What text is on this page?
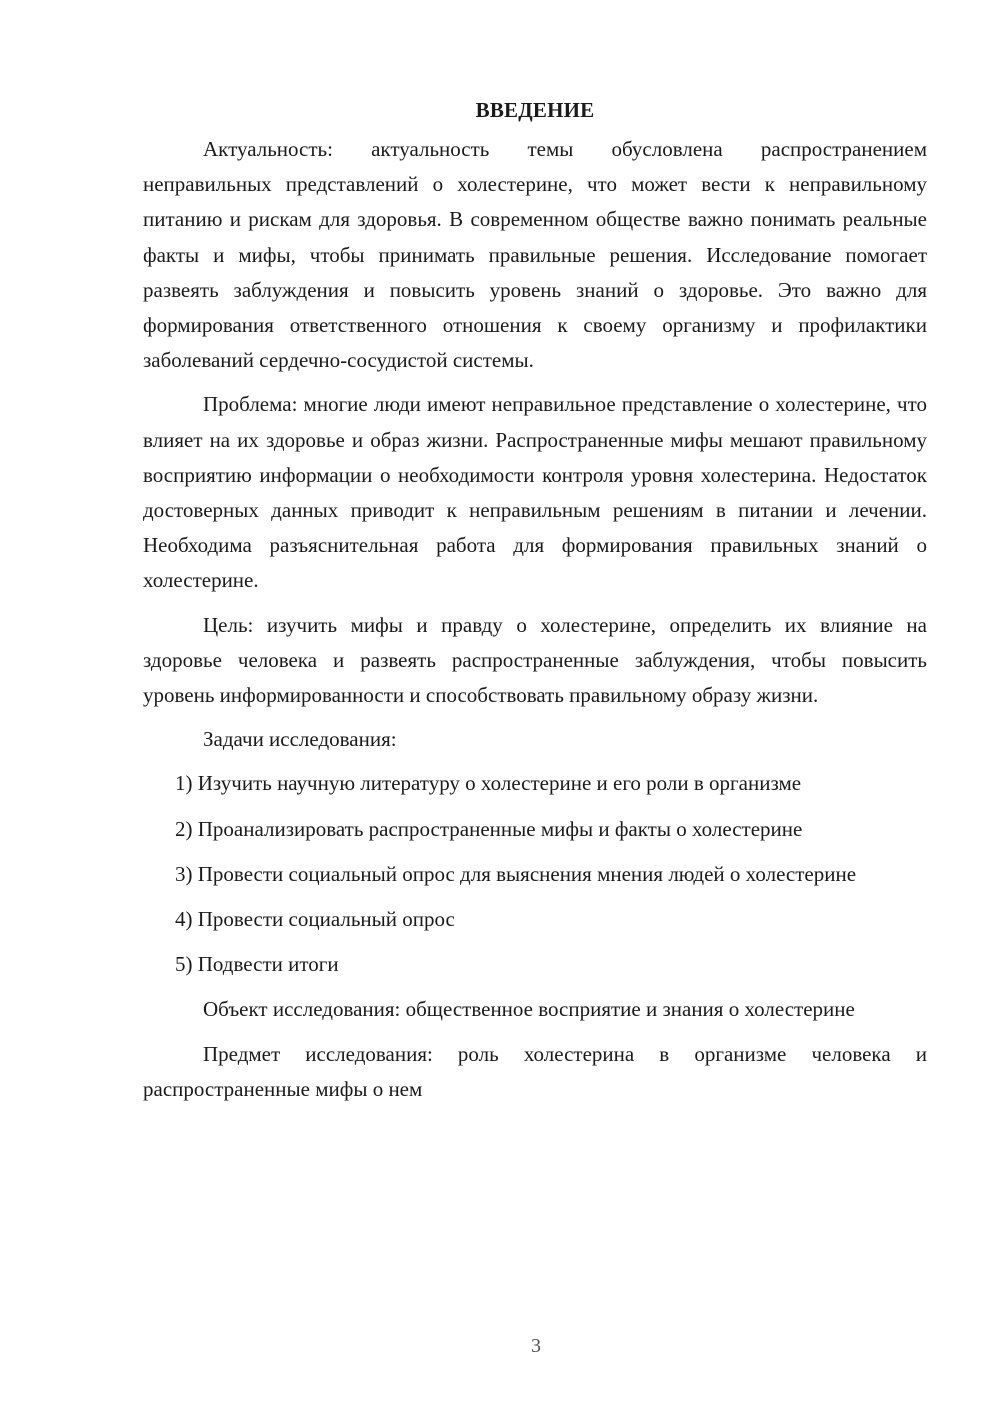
ВВЕДЕНИЕ

Актуальность: актуальность темы обусловлена распространением неправильных представлений о холестерине, что может вести к неправильному питанию и рискам для здоровья. В современном обществе важно понимать реальные факты и мифы, чтобы принимать правильные решения. Исследование помогает развеять заблуждения и повысить уровень знаний о здоровье. Это важно для формирования ответственного отношения к своему организму и профилактики заболеваний сердечно-сосудистой системы.

Проблема: многие люди имеют неправильное представление о холестерине, что влияет на их здоровье и образ жизни. Распространенные мифы мешают правильному восприятию информации о необходимости контроля уровня холестерина. Недостаток достоверных данных приводит к неправильным решениям в питании и лечении. Необходима разъяснительная работа для формирования правильных знаний о холестерине.

Цель: изучить мифы и правду о холестерине, определить их влияние на здоровье человека и развеять распространенные заблуждения, чтобы повысить уровень информированности и способствовать правильному образу жизни.

Задачи исследования:

1) Изучить научную литературу о холестерине и его роли в организме

2) Проанализировать распространенные мифы и факты о холестерине

3) Провести социальный опрос для выяснения мнения людей о холестерине

4) Провести социальный опрос

5) Подвести итоги

Объект исследования: общественное восприятие и знания о холестерине

Предмет исследования: роль холестерина в организме человека и распространенные мифы о нем

3
